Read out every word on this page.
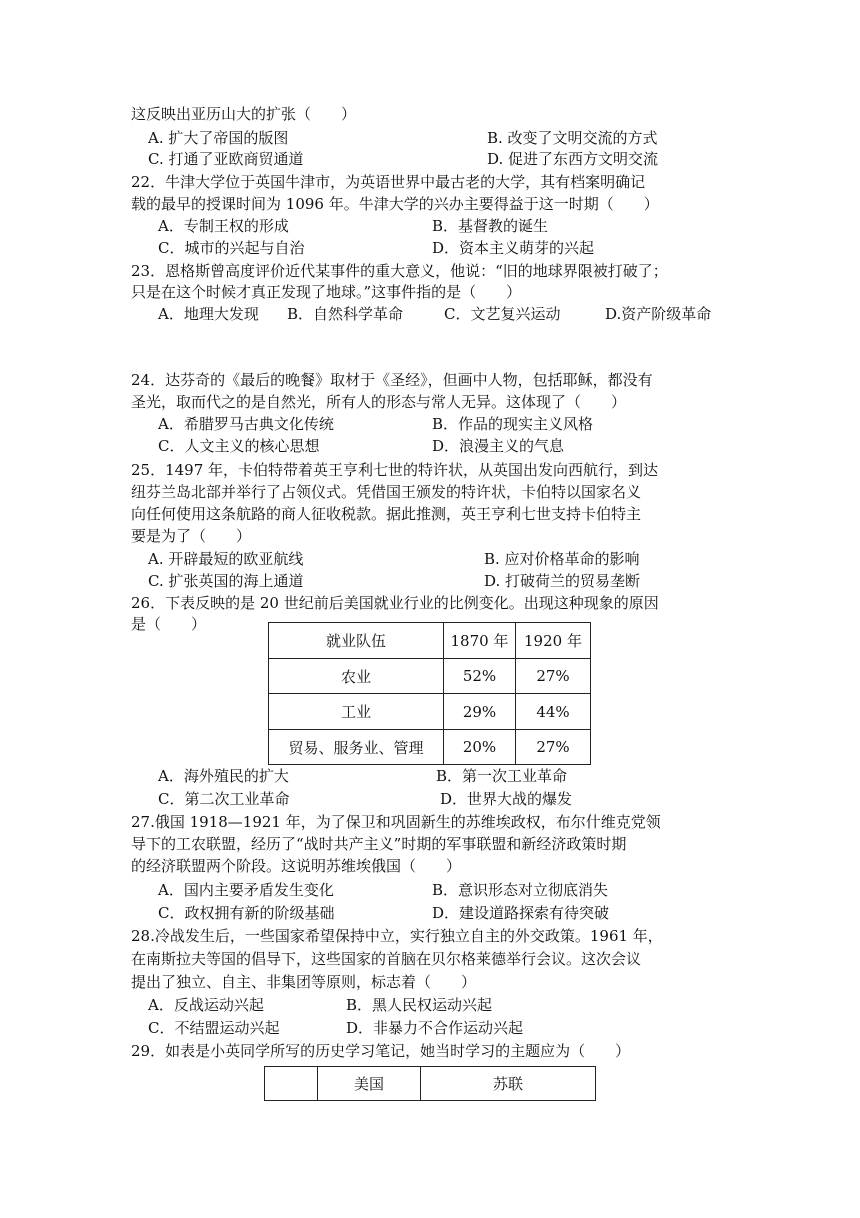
这反映出亚历山大的扩张（　　）
A. 扩大了帝国的版图	B. 改变了文明交流的方式
C. 打通了亚欧商贸通道	D. 促进了东西方文明交流
22．牛津大学位于英国牛津市，为英语世界中最古老的大学，其有档案明确记
载的最早的授课时间为 1096 年。牛津大学的兴办主要得益于这一时期（　　）
A．专制王权的形成	B．基督教的诞生
C．城市的兴起与自治	D．资本主义萌芽的兴起
23．恩格斯曾高度评价近代某事件的重大意义，他说：“旧的地球界限被打破了；
只是在这个时候才真正发现了地球。”这事件指的是（　　）
A．地理大发现 B．自然科学革命	C．文艺复兴运动	D.资产阶级革命
24．达芬奇的《最后的晚餐》取材于《圣经》，但画中人物，包括耶稣，都没有
圣光，取而代之的是自然光，所有人的形态与常人无异。这体现了（　　）
A．希腊罗马古典文化传统	B．作品的现实主义风格
C．人文主义的核心思想	D．浪漫主义的气息
25．1497 年，卡伯特带着英王亨利七世的特许状，从英国出发向西航行，到达
纽芬兰岛北部并举行了占领仪式。凭借国王颁发的特许状，卡伯特以国家名义
向任何使用这条航路的商人征收税款。据此推测，英王亨利七世支持卡伯特主
要是为了（　　）
A. 开辟最短的欧亚航线	B. 应对价格革命的影响
C. 扩张英国的海上通道	D. 打破荷兰的贸易垄断
26．下表反映的是 20 世纪前后美国就业行业的比例变化。出现这种现象的原因
是（　　）
就业队伍	1870 年	1920 年
农业	52%	27%
工业	29%	44%
贸易、服务业、管理	20%	27%
A．海外殖民的扩大	B．第一次工业革命
C．第二次工业革命	D．世界大战的爆发
27.俄国 1918—1921 年，为了保卫和巩固新生的苏维埃政权，布尔什维克党领
导下的工农联盟，经历了“战时共产主义”时期的军事联盟和新经济政策时期
的经济联盟两个阶段。这说明苏维埃俄国（　　）
A．国内主要矛盾发生变化	B．意识形态对立彻底消失
C．政权拥有新的阶级基础	D．建设道路探索有待突破
28.冷战发生后，一些国家希望保持中立，实行独立自主的外交政策。1961 年，
在南斯拉夫等国的倡导下，这些国家的首脑在贝尔格莱德举行会议。这次会议
提出了独立、自主、非集团等原则，标志着（　　）
A．反战运动兴起	B．黑人民权运动兴起
C．不结盟运动兴起	D．非暴力不合作运动兴起
29．如表是小英同学所写的历史学习笔记，她当时学习的主题应为（　　）
	美国	苏联
